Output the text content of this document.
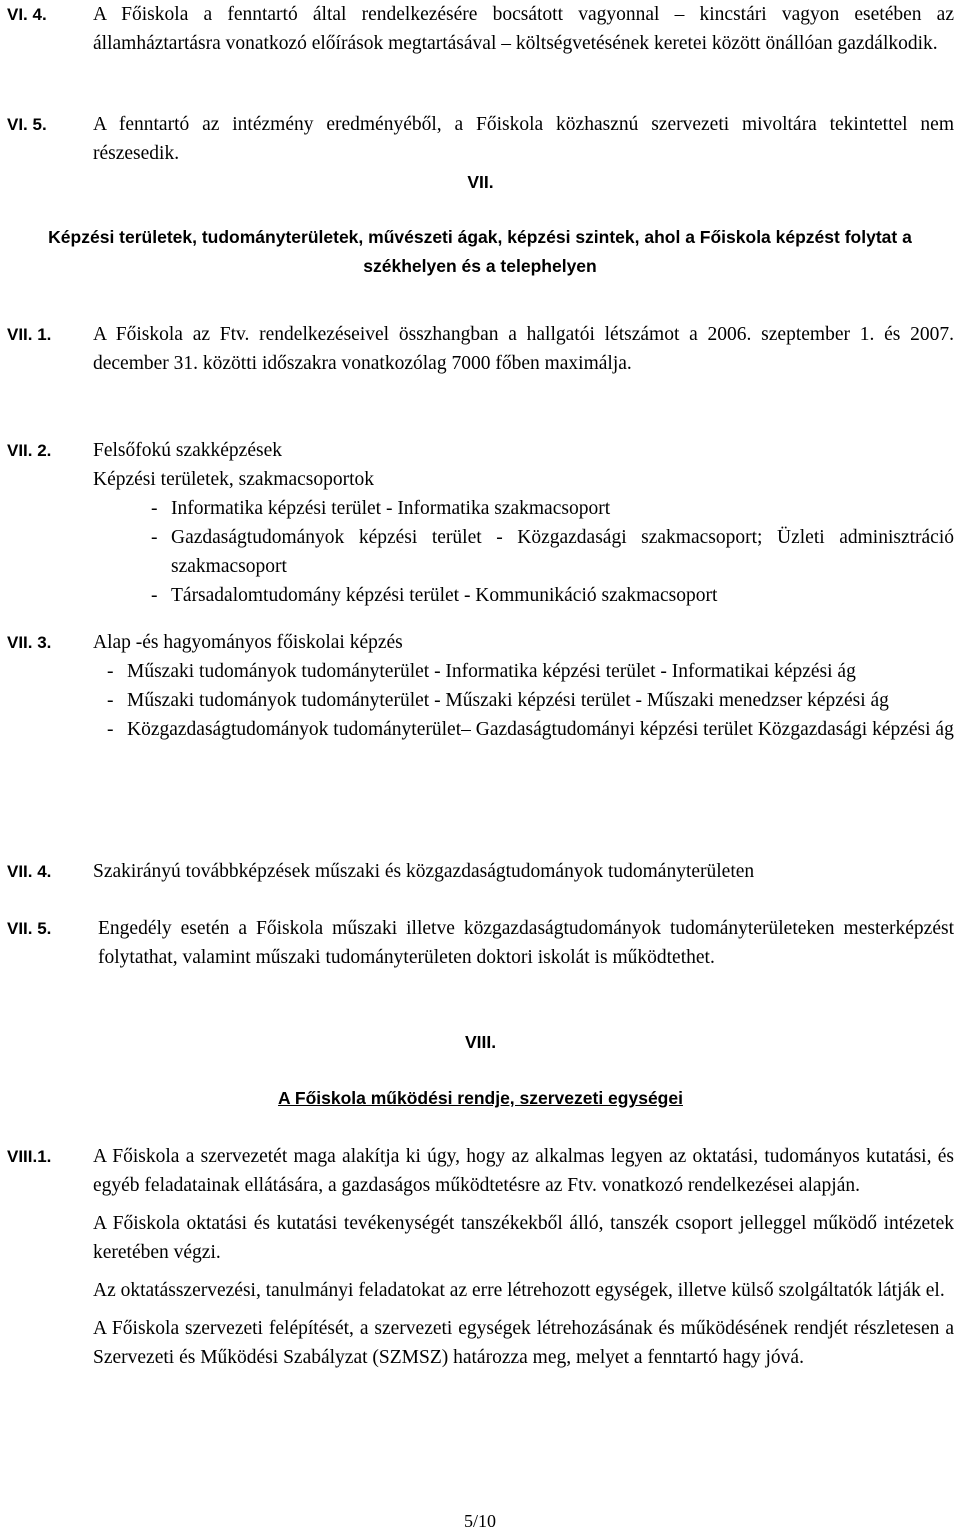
VI. 4. A Főiskola a fenntartó által rendelkezésére bocsátott vagyonnal – kincstári vagyon esetében az államháztartásra vonatkozó előírások megtartásával – költségvetésének keretei között önállóan gazdálkodik.

VI. 5. A fenntartó az intézmény eredményéből, a Főiskola közhasznú szervezeti mivoltára tekintettel nem részesedik.

VII.
Képzési területek, tudományterületek, művészeti ágak, képzési szintek, ahol a Főiskola képzést folytat a székhelyen és a telephelyen
VII. 1. A Főiskola az Ftv. rendelkezéseivel összhangban a hallgatói létszámot a 2006. szeptember 1. és 2007. december 31. közötti időszakra vonatkozólag 7000 főben maximálja.

VII. 2. Felsőfokú szakképzések

Képzési területek, szakmacsoportok

- Informatika képzési terület - Informatika szakmacsoport
- Gazdaságtudományok képzési terület - Közgazdasági szakmacsoport; Üzleti adminisztráció szakmacsoport
- Társadalomtudomány képzési terület - Kommunikáció szakmacsoport
VII. 3. Alap -és hagyományos főiskolai képzés

- Műszaki tudományok tudományterület - Informatika képzési terület - Informatikai képzési ág
- Műszaki tudományok tudományterület - Műszaki képzési terület - Műszaki menedzser képzési ág
- Közgazdaságtudományok tudományterület– Gazdaságtudományi képzési terület Közgazdasági képzési ág
VII. 4. Szakirányú továbbképzések műszaki és közgazdaságtudományok tudományterületen

VII. 5. Engedély esetén a Főiskola műszaki illetve közgazdaságtudományok tudományterületeken mesterképzést folytathat, valamint műszaki tudományterületen doktori iskolát is működtethet.

VIII.
A Főiskola működési rendje, szervezeti egységei
VIII.1. A Főiskola a szervezetét maga alakítja ki úgy, hogy az alkalmas legyen az oktatási, tudományos kutatási, és egyéb feladatainak ellátására, a gazdaságos működtetésre az Ftv. vonatkozó rendelkezései alapján.

A Főiskola oktatási és kutatási tevékenységét tanszékekből álló, tanszék csoport jelleggel működő intézetek keretében végzi.

Az oktatásszervezési, tanulmányi feladatokat az erre létrehozott egységek, illetve külső szolgáltatók látják el.

A Főiskola szervezeti felépítését, a szervezeti egységek létrehozásának és működésének rendjét részletesen a Szervezeti és Működési Szabályzat (SZMSZ) határozza meg, melyet a fenntartó hagy jóvá.

5/10
